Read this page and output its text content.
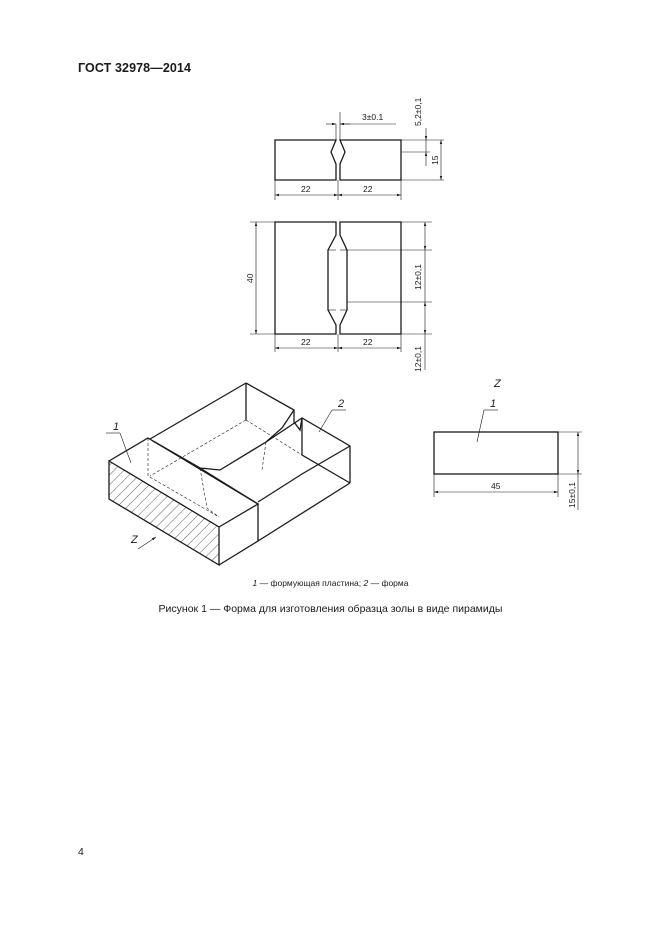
ГОСТ 32978—2014
3±0.1
22	22
15
5,2±0,1
40	12±0,1
12±0,1
22	22
1
2
Z
Z
1
45	15±0,1
1 — формующая пластина; 2 — форма
Рисунок 1 — Форма для изготовления образца золы в виде пирамиды
4
